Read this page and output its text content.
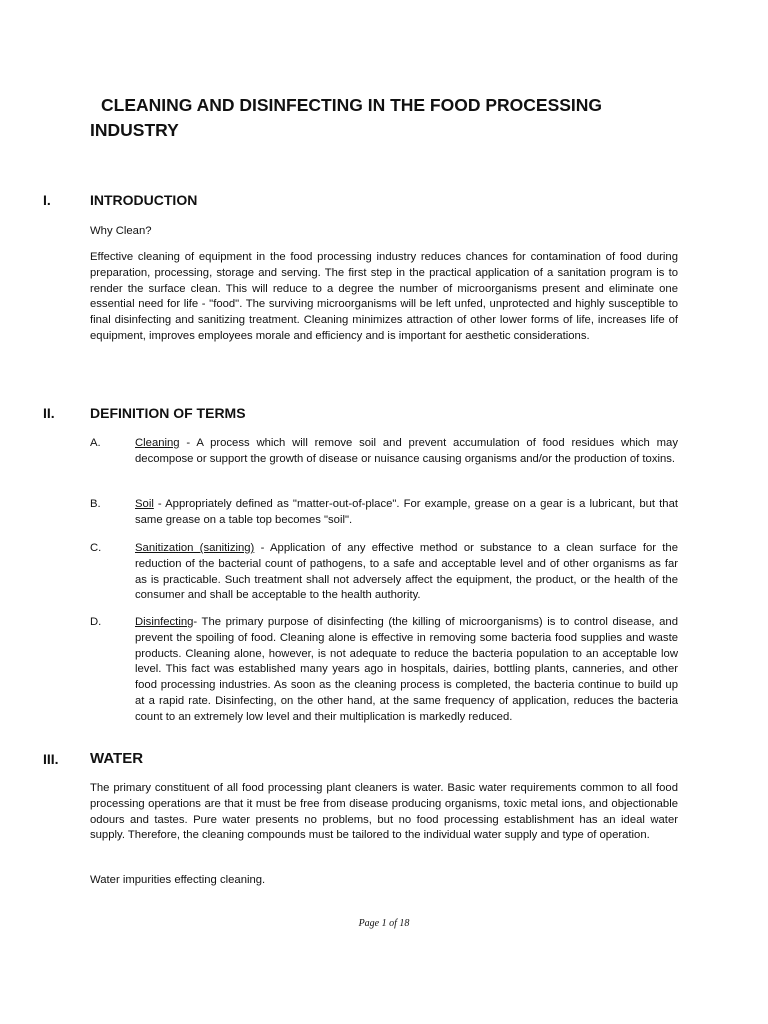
CLEANING AND DISINFECTING IN THE FOOD PROCESSING INDUSTRY
I.	INTRODUCTION

Why Clean?

Effective cleaning of equipment in the food processing industry reduces chances for contamination of food during preparation, processing, storage and serving. The first step in the practical application of a sanitation program is to render the surface clean. This will reduce to a degree the number of microorganisms present and eliminate one essential need for life - "food". The surviving microorganisms will be left unfed, unprotected and highly susceptible to final disinfecting and sanitizing treatment. Cleaning minimizes attraction of other lower forms of life, increases life of equipment, improves employees morale and efficiency and is important for aesthetic considerations.

II.	DEFINITION OF TERMS
A.	Cleaning - A process which will remove soil and prevent accumulation of food residues which may decompose or support the growth of disease or nuisance causing organisms and/or the production of toxins.

B.	Soil - Appropriately defined as "matter-out-of-place". For example, grease on a gear is a lubricant, but that same grease on a table top becomes "soil".

C.	Sanitization (sanitizing) - Application of any effective method or substance to a clean surface for the reduction of the bacterial count of pathogens, to a safe and acceptable level and of other organisms as far as is practicable. Such treatment shall not adversely affect the equipment, the product, or the health of the consumer and shall be acceptable to the health authority.

D.	Disinfecting- The primary purpose of disinfecting (the killing of microorganisms) is to control disease, and prevent the spoiling of food. Cleaning alone is effective in removing some bacteria food supplies and waste products. Cleaning alone, however, is not adequate to reduce the bacteria population to an acceptable low level. This fact was established many years ago in hospitals, dairies, bottling plants, canneries, and other food processing industries. As soon as the cleaning process is completed, the bacteria continue to build up at a rapid rate. Disinfecting, on the other hand, at the same frequency of application, reduces the bacteria count to an extremely low level and their multiplication is markedly reduced.

III. WATER

The primary constituent of all food processing plant cleaners is water. Basic water requirements common to all food processing operations are that it must be free from disease producing organisms, toxic metal ions, and objectionable odours and tastes. Pure water presents no problems, but no food processing establishment has an ideal water supply. Therefore, the cleaning compounds must be tailored to the individual water supply and type of operation.

Water impurities effecting cleaning.

Page 1 of 18
